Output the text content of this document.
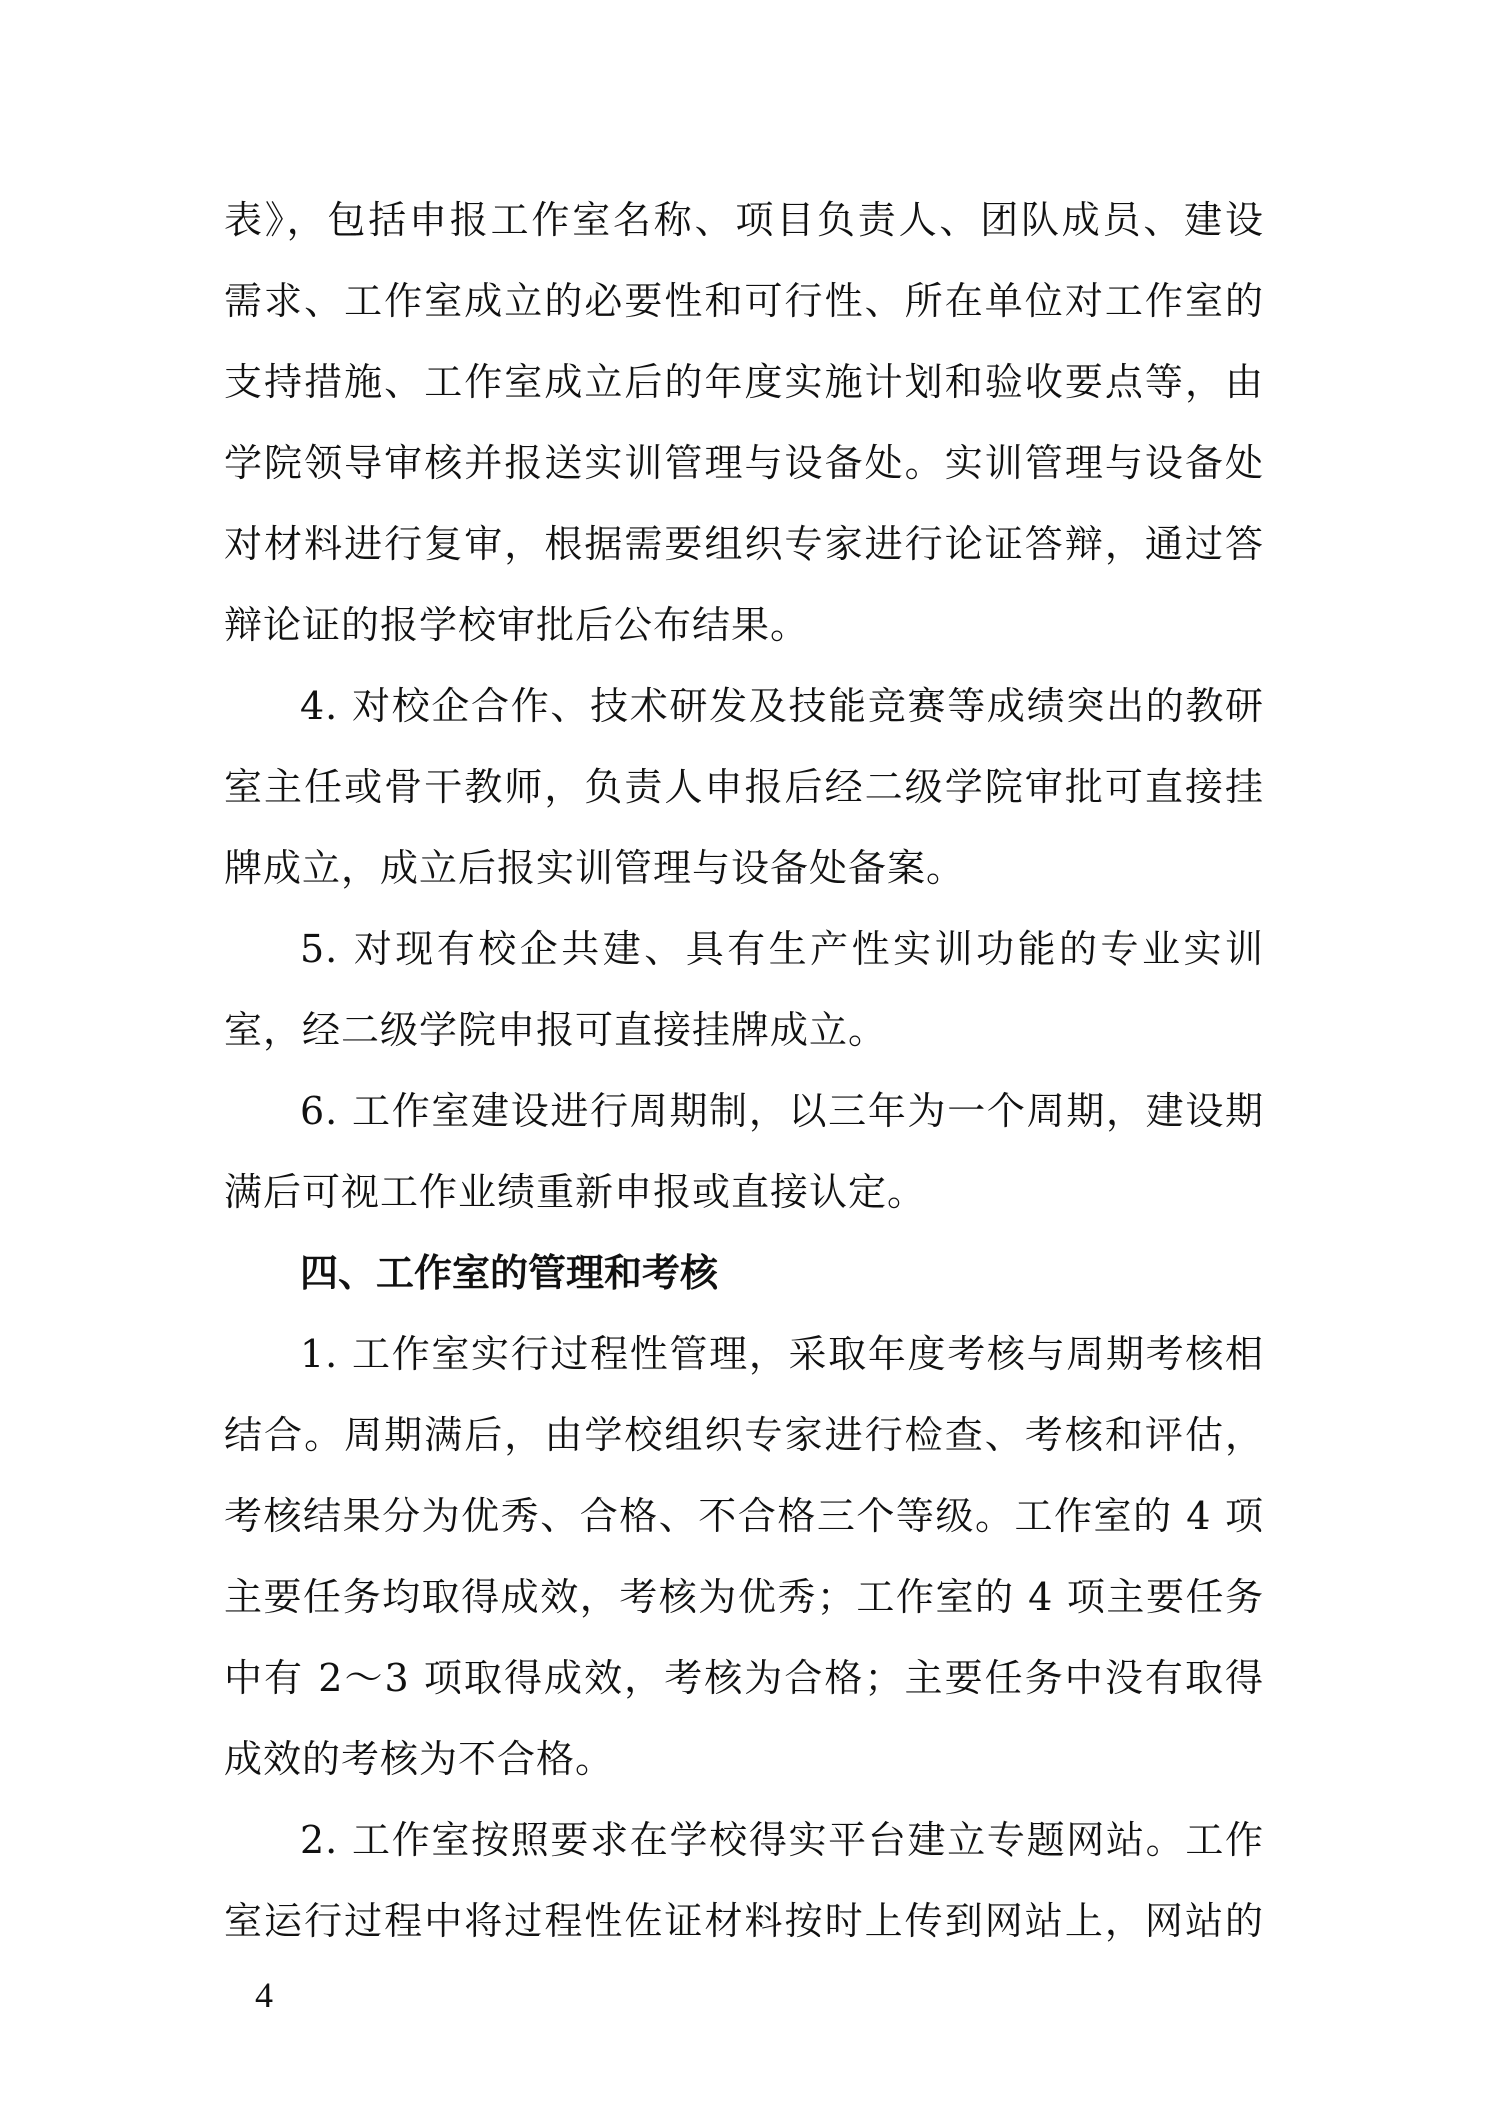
表》，包括申报工作室名称、项目负责人、团队成员、建设
需求、工作室成立的必要性和可行性、所在单位对工作室的
支持措施、工作室成立后的年度实施计划和验收要点等，由
学院领导审核并报送实训管理与设备处。实训管理与设备处
对材料进行复审，根据需要组织专家进行论证答辩，通过答
辩论证的报学校审批后公布结果。
4. 对校企合作、技术研发及技能竞赛等成绩突出的教研
室主任或骨干教师，负责人申报后经二级学院审批可直接挂
牌成立，成立后报实训管理与设备处备案。
5. 对现有校企共建、具有生产性实训功能的专业实训
室，经二级学院申报可直接挂牌成立。
6. 工作室建设进行周期制，以三年为一个周期，建设期
满后可视工作业绩重新申报或直接认定。
四、工作室的管理和考核
1. 工作室实行过程性管理，采取年度考核与周期考核相
结合。周期满后，由学校组织专家进行检查、考核和评估，
考核结果分为优秀、合格、不合格三个等级。工作室的 4 项
主要任务均取得成效，考核为优秀；工作室的 4 项主要任务
中有 2～3 项取得成效，考核为合格；主要任务中没有取得
成效的考核为不合格。
2. 工作室按照要求在学校得实平台建立专题网站。工作
室运行过程中将过程性佐证材料按时上传到网站上，网站的
4
